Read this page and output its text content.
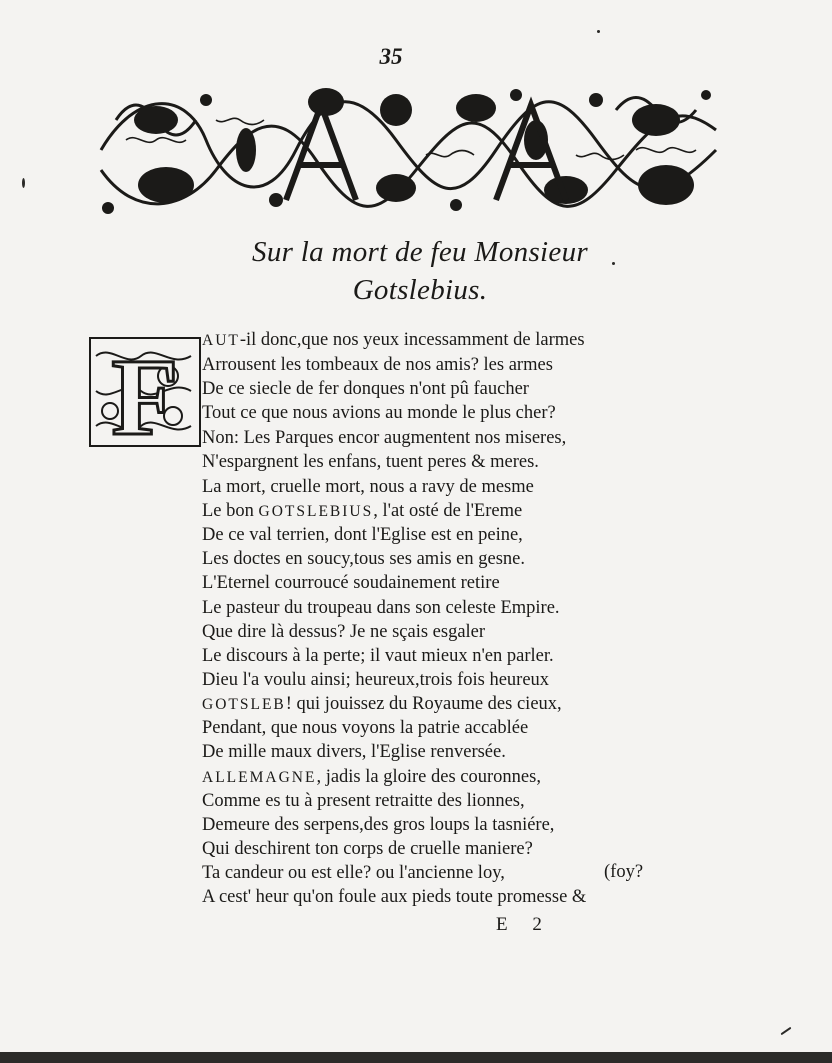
35
Sur la mort de feu Monsieur
Gotslebius.
F AUT-il donc,que nos yeux incessamment de larmes
Arrousent les tombeaux de nos amis? les armes
De ce siecle de fer donques n'ont pû faucher
Tout ce que nous avions au monde le plus cher?
Non: Les Parques encor augmentent nos miseres,
N'espargnent les enfans, tuent peres & meres.
La mort, cruelle mort, nous a ravy de mesme
Le bon GOTSLEBIUS, l'at osté de l'Ereme
De ce val terrien, dont l'Eglise est en peine,
Les doctes en soucy,tous ses amis en gesne.
L'Eternel courroucé soudainement retire
Le pasteur du troupeau dans son celeste Empire.
Que dire là dessus? Je ne sçais esgaler
Le discours à la perte; il vaut mieux n'en parler.
Dieu l'a voulu ainsi; heureux,trois fois heureux
GOTSLEB! qui jouissez du Royaume des cieux,
Pendant, que nous voyons la patrie accablée
De mille maux divers, l'Eglise renversée.
ALLEMAGNE, jadis la gloire des couronnes,
Comme es tu à present retraitte des lionnes,
Demeure des serpens,des gros loups la tasniére,
Qui deschirent ton corps de cruelle maniere?
Ta candeur ou est elle? ou l'ancienne loy,
A cest' heur qu'on foule aux pieds toute promesse &
(foy?
E 2
